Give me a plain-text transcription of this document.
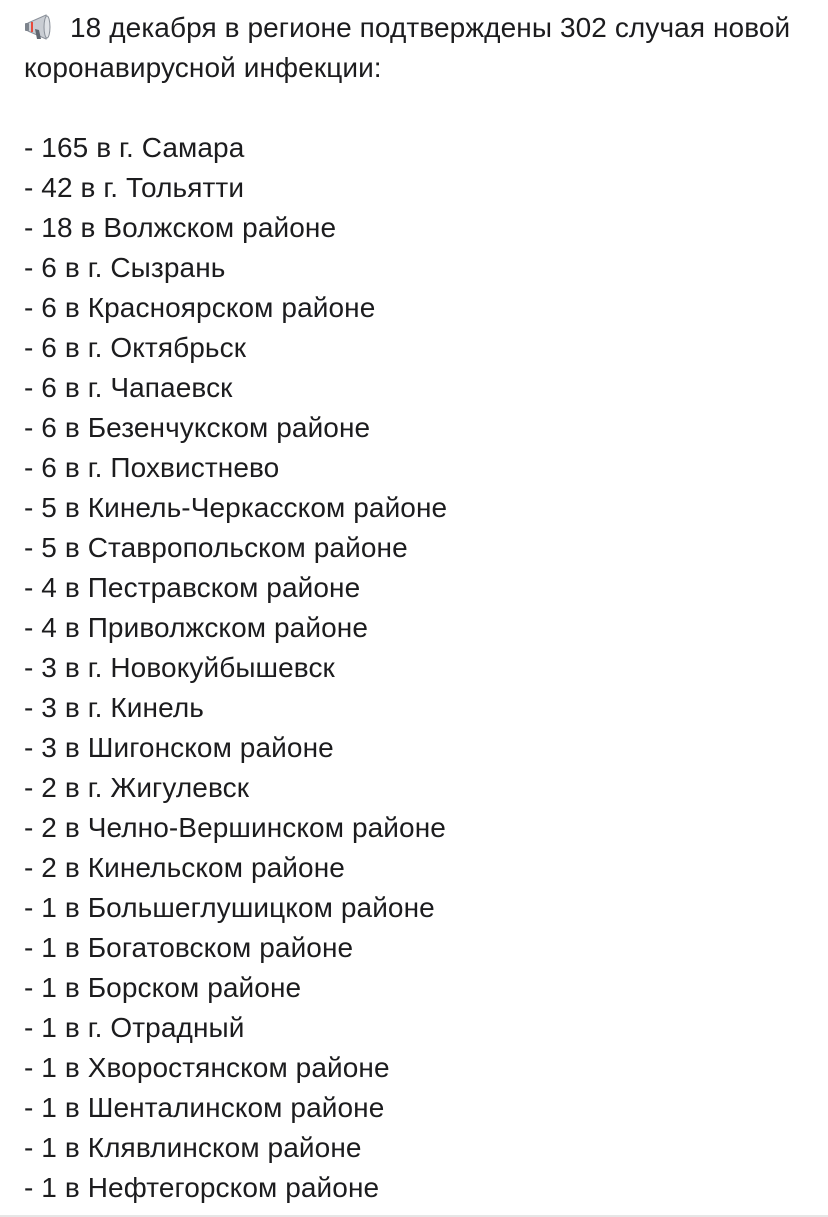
18 декабря в регионе подтверждены 302 случая новой коронавирусной инфекции:

- 165 в г. Самара
- 42 в г. Тольятти
- 18 в Волжском районе
- 6 в г. Сызрань
- 6 в Красноярском районе
- 6 в г. Октябрьск
- 6 в г. Чапаевск
- 6 в Безенчукском районе
- 6 в г. Похвистнево
- 5 в Кинель-Черкасском районе
- 5 в Ставропольском районе
- 4 в Пестравском районе
- 4 в Приволжском районе
- 3 в г. Новокуйбышевск
- 3 в г. Кинель
- 3 в Шигонском районе
- 2 в г. Жигулевск
- 2 в Челно-Вершинском районе
- 2 в Кинельском районе
- 1 в Большеглушицком районе
- 1 в Богатовском районе
- 1 в Борском районе
- 1 в г. Отрадный
- 1 в Хворостянском районе
- 1 в Шенталинском районе
- 1 в Клявлинском районе
- 1 в Нефтегорском районе
